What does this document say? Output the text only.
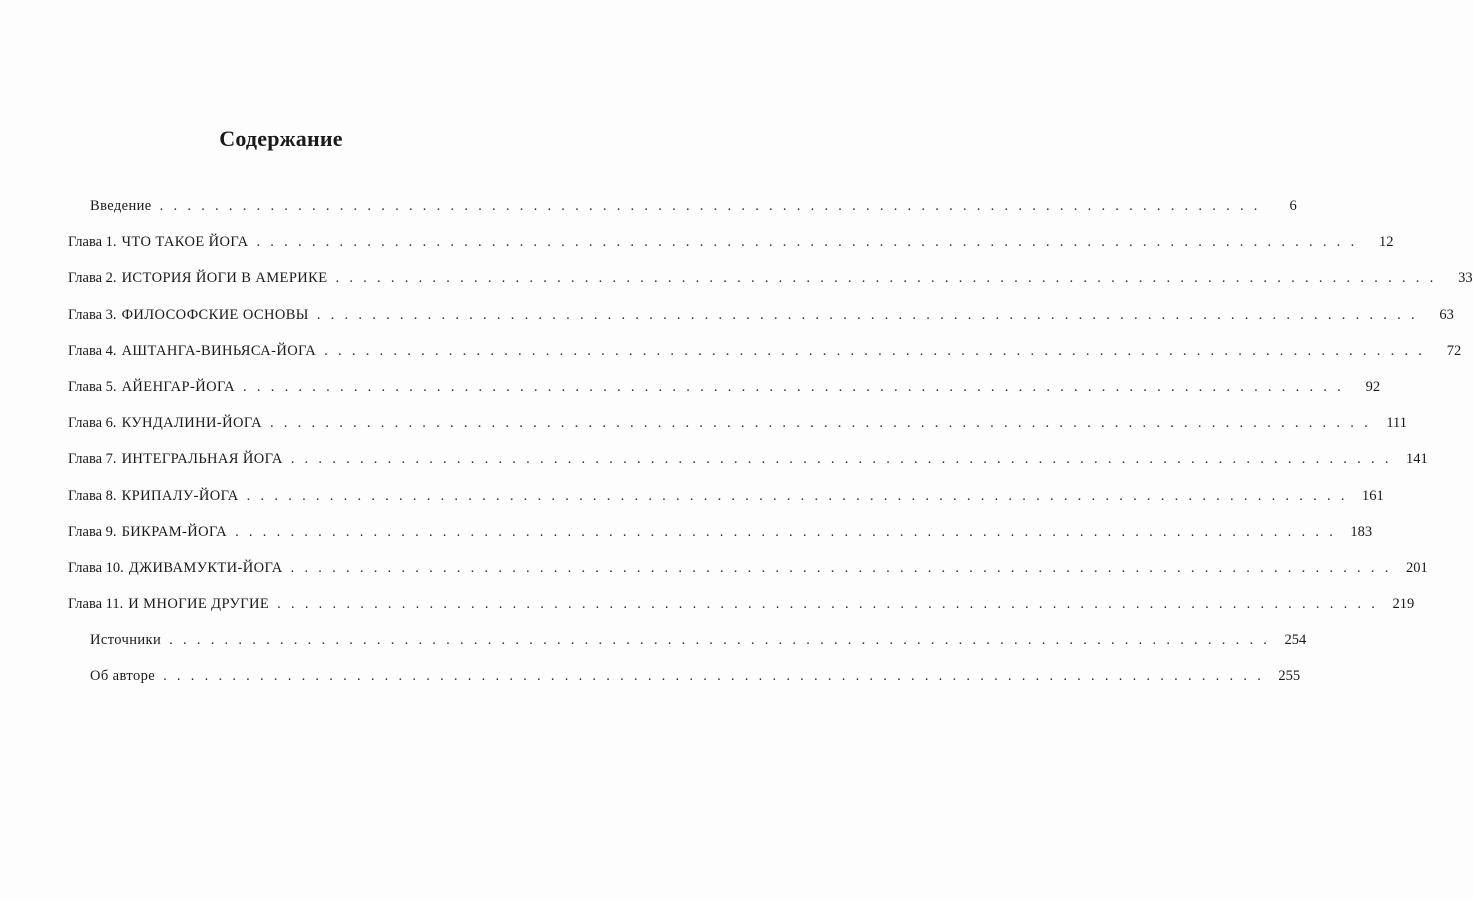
Содержание
Введение . . . . . . . . . . . . . . . . . . . . . . . . . . . . . . . . . . . . . . . . . . . . . . . . . . . . . . . . . . . . . . . . . . . . . . . . . . . . . . . .	6
Глава 1. ЧТО ТАКОЕ ЙОГА . . . . . . . . . . . . . . . . . . . . . . . . . . . . . . . . . . . . . . . . . . . . . . . . . . . . . . . . . . . . . . . . . . . . . . . . . . . . . . . .	12
Глава 2. ИСТОРИЯ ЙОГИ В АМЕРИКЕ . . . . . . . . . . . . . . . . . . . . . . . . . . . . . . . . . . . . . . . . . . . . . . . . . . . . . . . . . . . . . . . . . . . . . . . . . . . . . . . .	33
Глава 3. ФИЛОСОФСКИЕ ОСНОВЫ . . . . . . . . . . . . . . . . . . . . . . . . . . . . . . . . . . . . . . . . . . . . . . . . . . . . . . . . . . . . . . . . . . . . . . . . . . . . . . . .	63
Глава 4. АШТАНГА-ВИНЬЯСА-ЙОГА . . . . . . . . . . . . . . . . . . . . . . . . . . . . . . . . . . . . . . . . . . . . . . . . . . . . . . . . . . . . . . . . . . . . . . . . . . . . . . . .	72
Глава 5. АЙЕНГАР-ЙОГА . . . . . . . . . . . . . . . . . . . . . . . . . . . . . . . . . . . . . . . . . . . . . . . . . . . . . . . . . . . . . . . . . . . . . . . . . . . . . . . .	92
Глава 6. КУНДАЛИНИ-ЙОГА . . . . . . . . . . . . . . . . . . . . . . . . . . . . . . . . . . . . . . . . . . . . . . . . . . . . . . . . . . . . . . . . . . . . . . . . . . . . . . . .	111
Глава 7. ИНТЕГРАЛЬНАЯ ЙОГА . . . . . . . . . . . . . . . . . . . . . . . . . . . . . . . . . . . . . . . . . . . . . . . . . . . . . . . . . . . . . . . . . . . . . . . . . . . . . . . . 141
Глава 8. КРИПАЛУ-ЙОГА . . . . . . . . . . . . . . . . . . . . . . . . . . . . . . . . . . . . . . . . . . . . . . . . . . . . . . . . . . . . . . . . . . . . . . . . . . . . . . . . 161
Глава 9. БИКРАМ-ЙОГА . . . . . . . . . . . . . . . . . . . . . . . . . . . . . . . . . . . . . . . . . . . . . . . . . . . . . . . . . . . . . . . . . . . . . . . . . . . . . . . . 183
Глава 10. ДЖИВАМУКТИ-ЙОГА . . . . . . . . . . . . . . . . . . . . . . . . . . . . . . . . . . . . . . . . . . . . . . . . . . . . . . . . . . . . . . . . . . . . . . . . . . . . . . . . 201
Глава 11. И МНОГИЕ ДРУГИЕ . . . . . . . . . . . . . . . . . . . . . . . . . . . . . . . . . . . . . . . . . . . . . . . . . . . . . . . . . . . . . . . . . . . . . . . . . . . . . . . . 219
Источники . . . . . . . . . . . . . . . . . . . . . . . . . . . . . . . . . . . . . . . . . . . . . . . . . . . . . . . . . . . . . . . . . . . . . . . . . . . . . . . . 254
Об авторе . . . . . . . . . . . . . . . . . . . . . . . . . . . . . . . . . . . . . . . . . . . . . . . . . . . . . . . . . . . . . . . . . . . . . . . . . . . . . . . . 255
